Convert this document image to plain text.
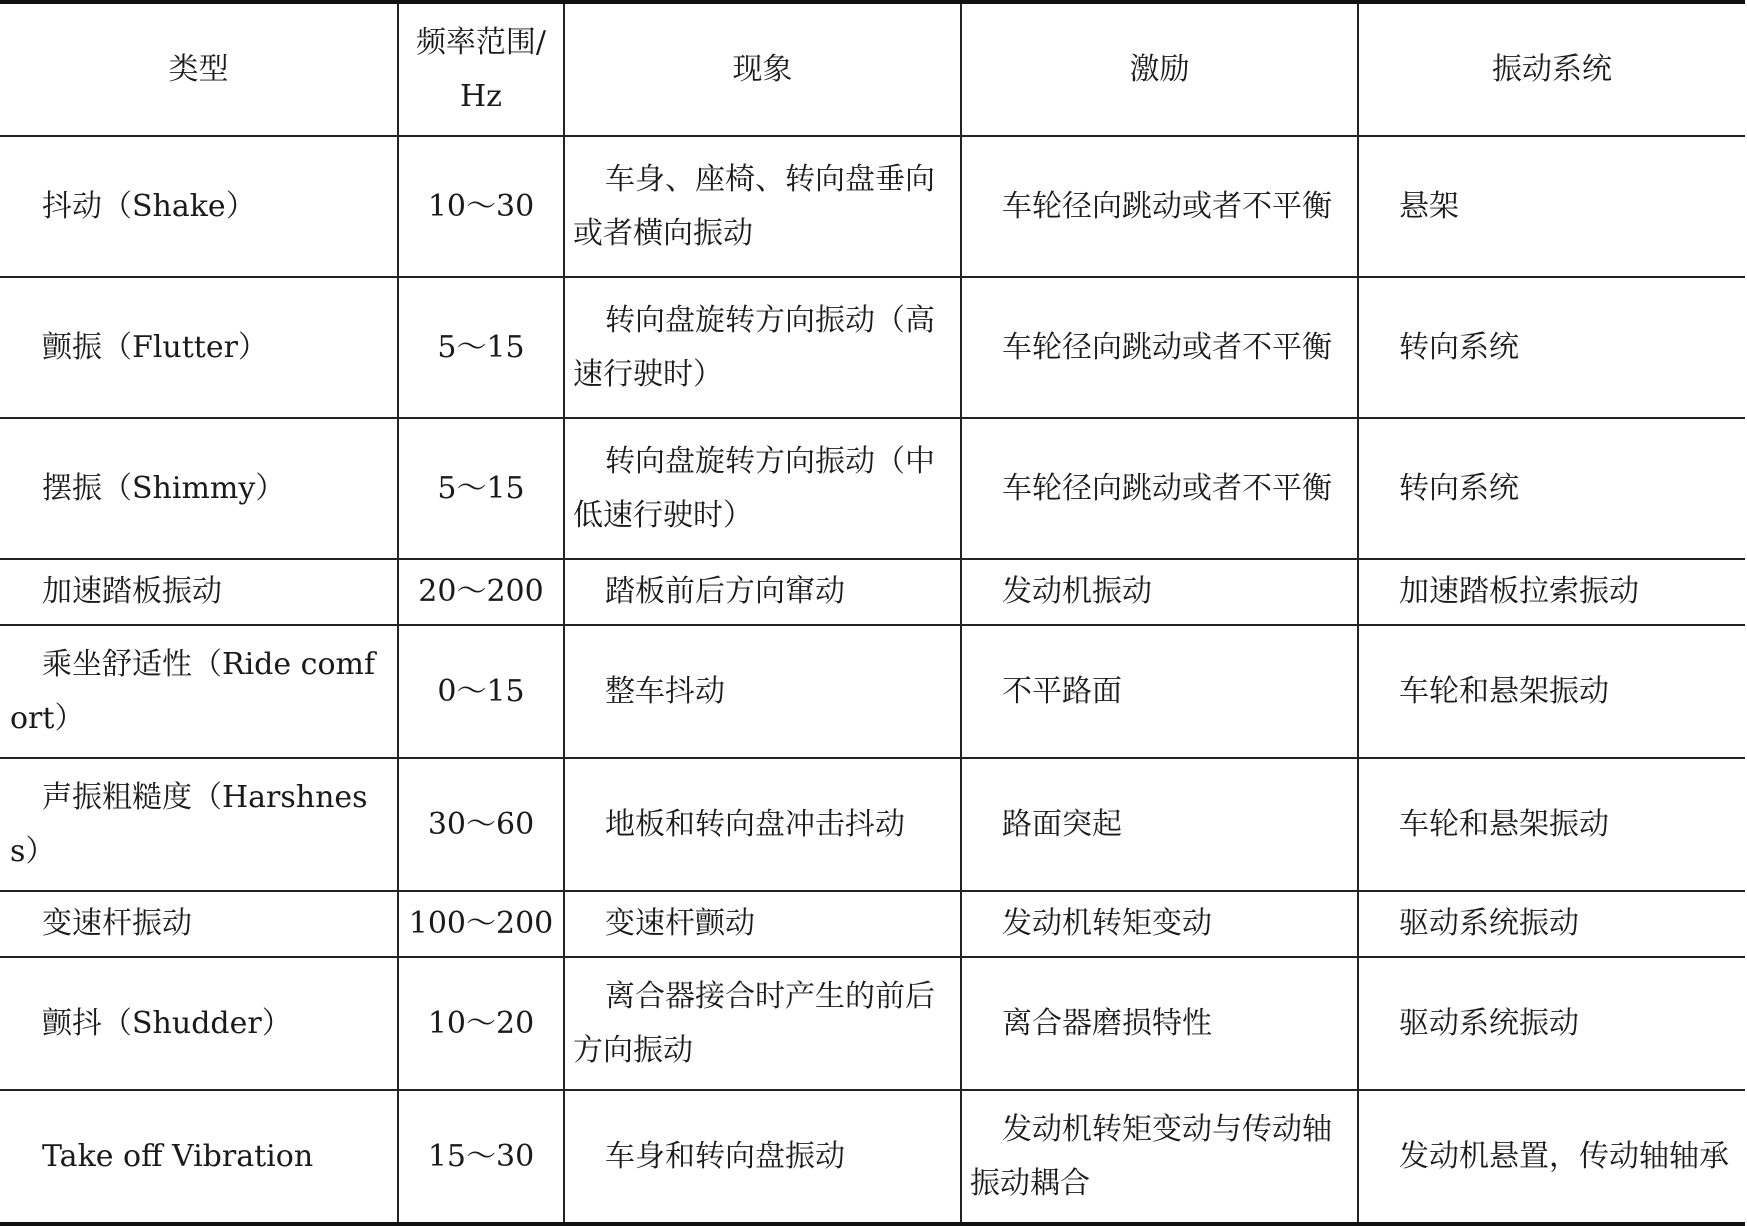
类型	频率范围/Hz	现象	激励	振动系统
抖动（Shake）	10～30	车身、座椅、转向盘垂向或者横向振动	车轮径向跳动或者不平衡	悬架
颤振（Flutter）	5～15	转向盘旋转方向振动（高速行驶时）	车轮径向跳动或者不平衡	转向系统
摆振（Shimmy）	5～15	转向盘旋转方向振动（中低速行驶时）	车轮径向跳动或者不平衡	转向系统
加速踏板振动	20～200	踏板前后方向窜动	发动机振动	加速踏板拉索振动
乘坐舒适性（Ride comfort）	0～15	整车抖动	不平路面	车轮和悬架振动
声振粗糙度（Harshness）	30～60	地板和转向盘冲击抖动	路面突起	车轮和悬架振动
变速杆振动	100～200	变速杆颤动	发动机转矩变动	驱动系统振动
颤抖（Shudder）	10～20	离合器接合时产生的前后方向振动	离合器磨损特性	驱动系统振动
Take off Vibration	15～30	车身和转向盘振动	发动机转矩变动与传动轴振动耦合	发动机悬置，传动轴轴承
